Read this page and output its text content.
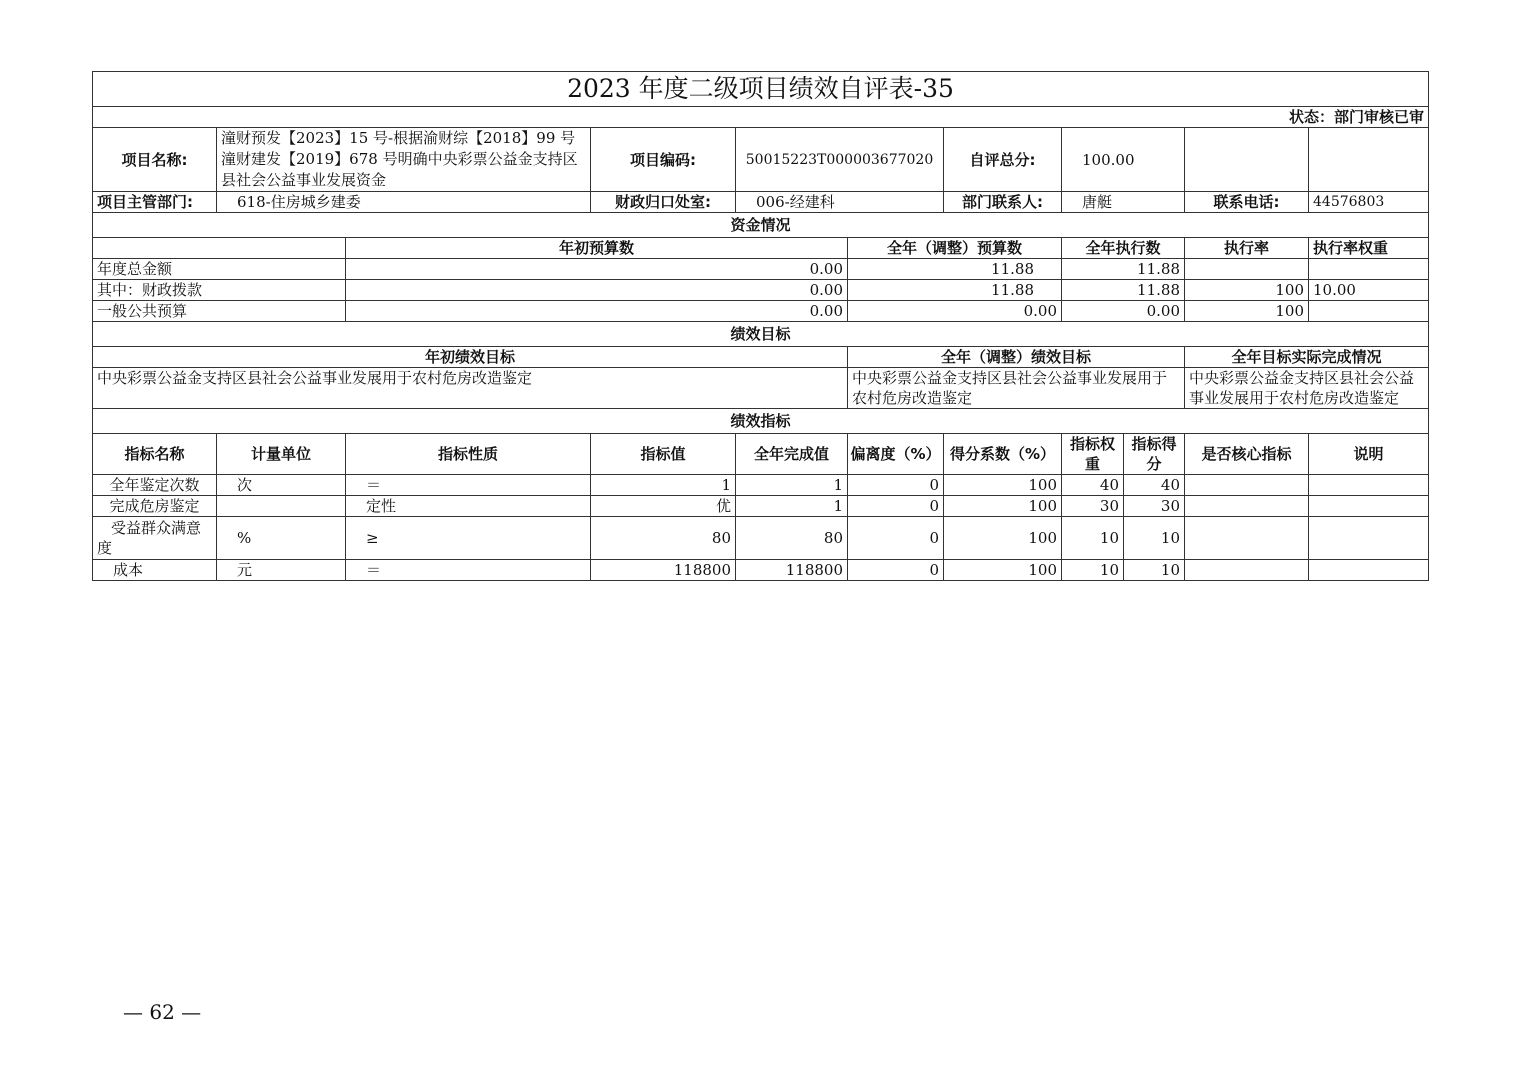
2023 年度二级项目绩效自评表-35											
状态：部门审核已审											
项目名称:	潼财预发【2023】15 号-根据渝财综【2018】99 号潼财建发【2019】678 号明确中央彩票公益金支持区县社会公益事业发展资金		项目编码:	50015223T000003677020		自评总分:	100.00				
项目主管部门:	618-住房城乡建委		财政归口处室:	006-经建科		部门联系人:	唐艇		联系电话:	44576803	
资金情况											
		年初预算数			全年（调整）预算数		全年执行数		执行率	执行率权重	
年度总金额		0.00			11.88		11.88				
其中：财政拨款		0.00			11.88		11.88		100	10.00	
一般公共预算		0.00			0.00		0.00		100		
绩效目标											
年初绩效目标					全年（调整）绩效目标				全年目标实际完成情况		
中央彩票公益金支持区县社会公益事业发展用于农村危房改造鉴定					中央彩票公益金支持区县社会公益事业发展用于农村危房改造鉴定				中央彩票公益金支持区县社会公益事业发展用于农村危房改造鉴定		
绩效指标											
指标名称	计量单位	指标性质	指标值	全年完成值	偏离度（%）	得分系数（%）	指标权重	指标得分	是否核心指标	说明	
全年鉴定次数	次	＝	1	1	0	100	40	40			
完成危房鉴定		定性	优	1	0	100	30	30			
受益群众满意度	%	≥	80	80	0	100	10	10			
成本	元	＝	118800	118800	0	100	10	10			
— 62 —
